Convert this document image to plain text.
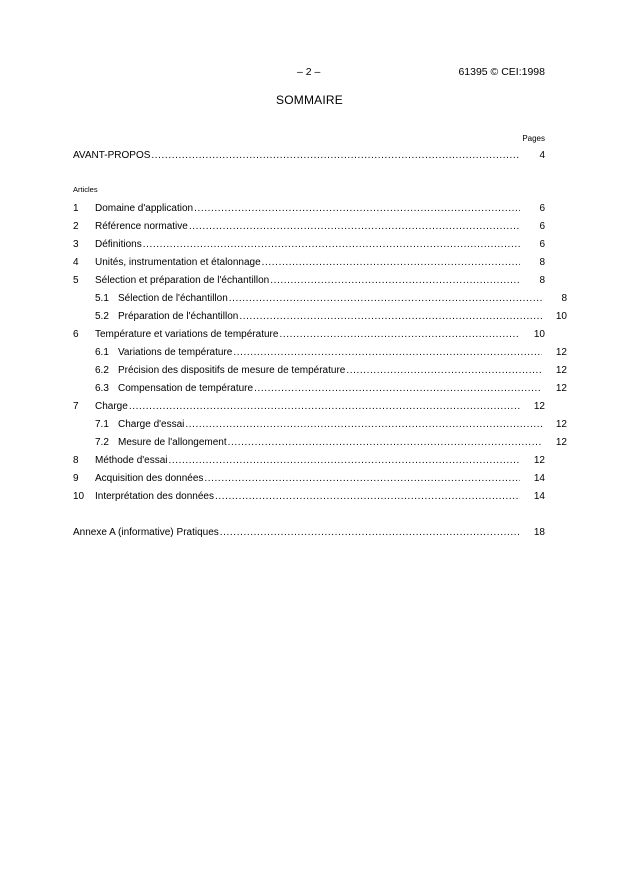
– 2 –	61395 © CEI:1998
SOMMAIRE
Pages
AVANT-PROPOS .....	4
Articles
1	Domaine d'application .....	6
2	Référence normative .....	6
3	Définitions .....	6
4	Unités, instrumentation et étalonnage .....	8
5	Sélection et préparation de l'échantillon .....	8
5.1 Sélection de l'échantillon .....	8
5.2 Préparation de l'échantillon .....	10
6	Température et variations de température .....	10
6.1 Variations de température .....	12
6.2 Précision des dispositifs de mesure de température .....	12
6.3 Compensation de température .....	12
7	Charge .....	12
7.1 Charge d'essai .....	12
7.2 Mesure de l'allongement .....	12
8	Méthode d'essai .....	12
9	Acquisition des données .....	14
10	Interprétation des données .....	14
Annexe A (informative) Pratiques .....	18
